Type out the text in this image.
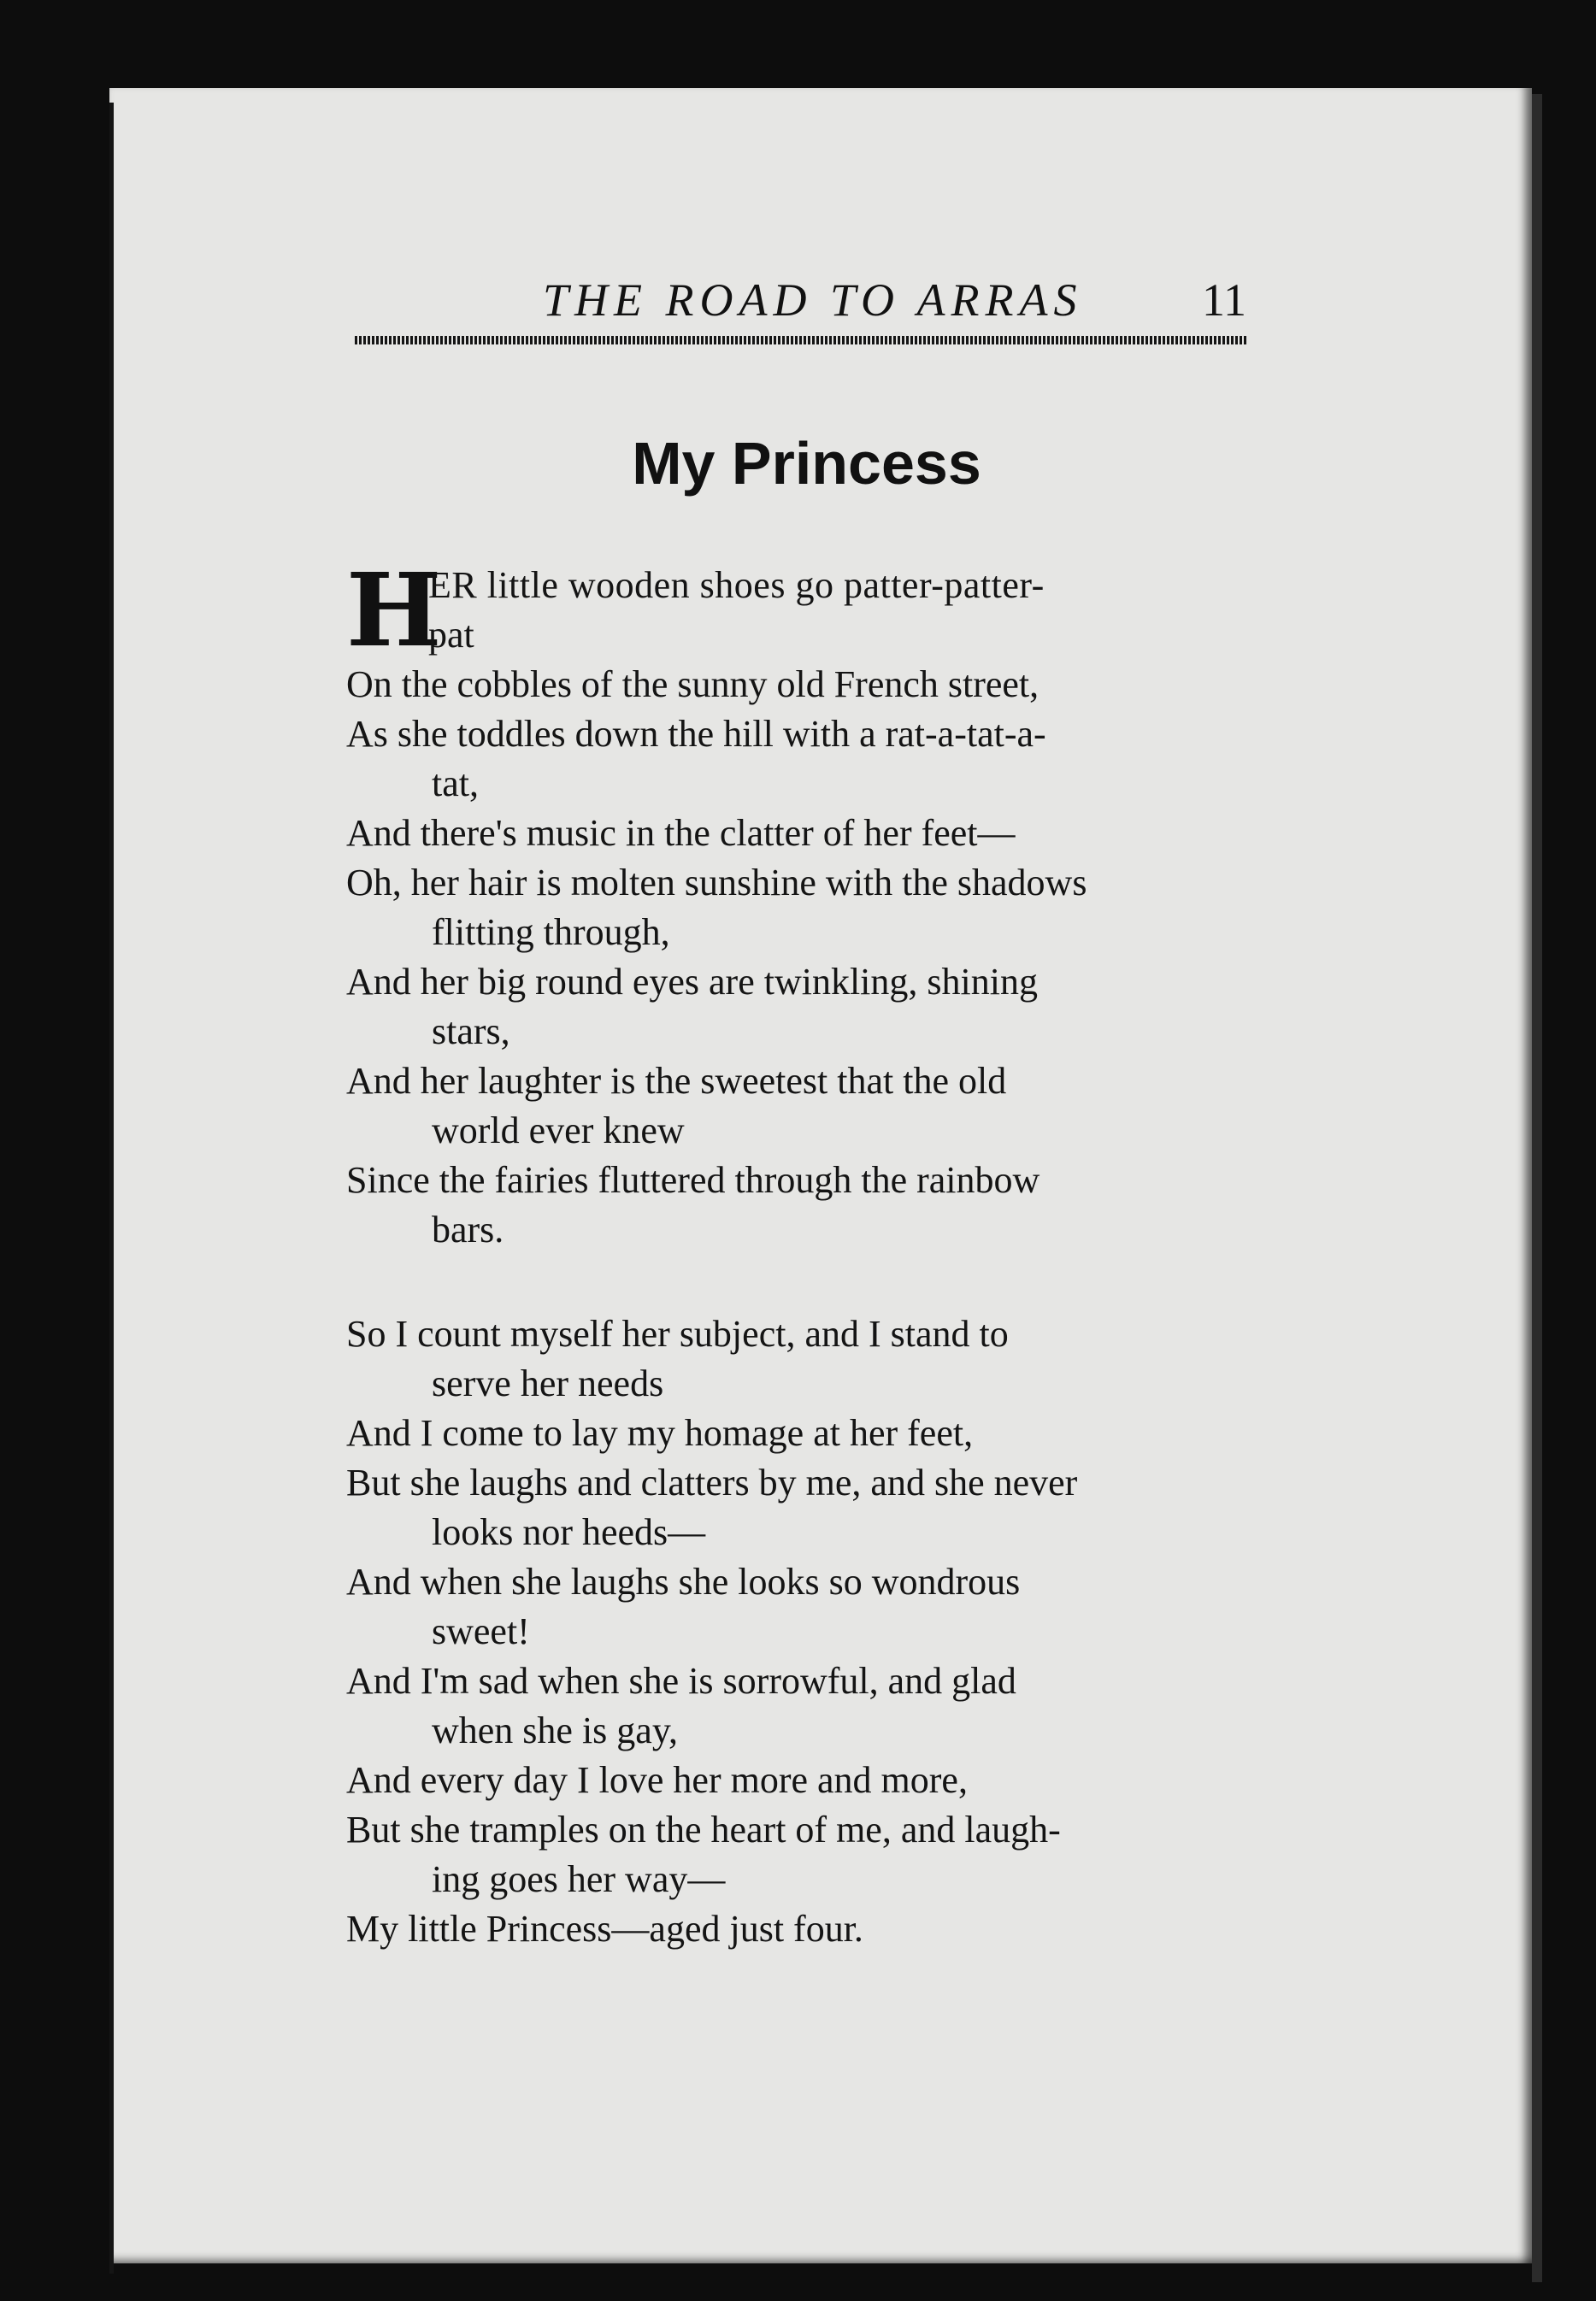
THE ROAD TO ARRAS	11
My Princess
H
ER little wooden shoes go patter-patter-
pat
On the cobbles of the sunny old French street,
As she toddles down the hill with a rat-a-tat-a-
tat,
And there's music in the clatter of her feet—
Oh, her hair is molten sunshine with the shadows
flitting through,
And her big round eyes are twinkling, shining
stars,
And her laughter is the sweetest that the old
world ever knew
Since the fairies fluttered through the rainbow
bars.
So I count myself her subject, and I stand to
serve her needs
And I come to lay my homage at her feet,
But she laughs and clatters by me, and she never
looks nor heeds—
And when she laughs she looks so wondrous
sweet!
And I'm sad when she is sorrowful, and glad
when she is gay,
And every day I love her more and more,
But she tramples on the heart of me, and laugh-
ing goes her way—
My little Princess—aged just four.
